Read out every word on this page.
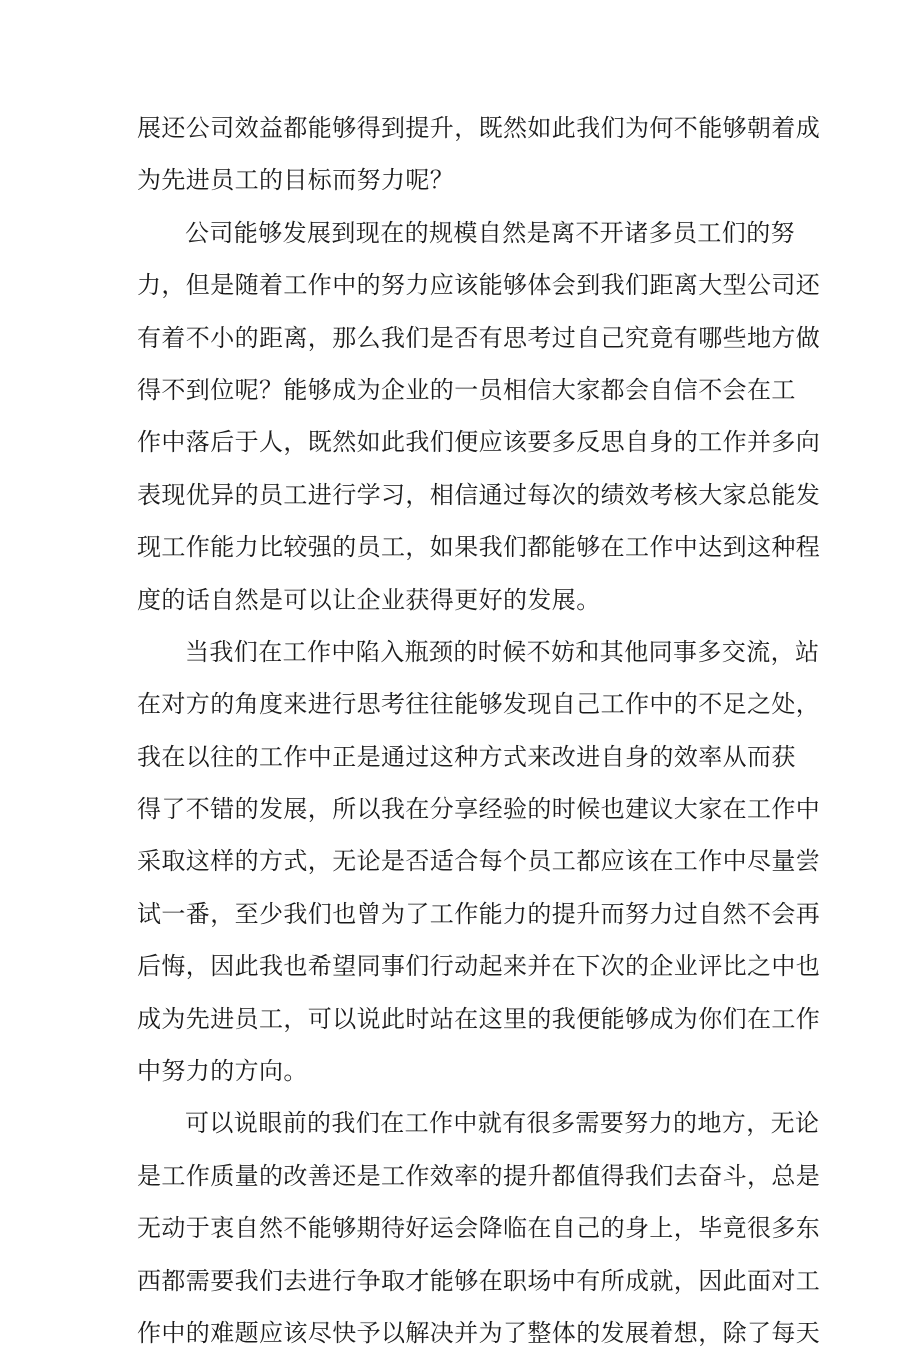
展还公司效益都能够得到提升，既然如此我们为何不能够朝着成
为先进员工的目标而努力呢？
公司能够发展到现在的规模自然是离不开诸多员工们的努
力，但是随着工作中的努力应该能够体会到我们距离大型公司还
有着不小的距离，那么我们是否有思考过自己究竟有哪些地方做
得不到位呢？能够成为企业的一员相信大家都会自信不会在工
作中落后于人，既然如此我们便应该要多反思自身的工作并多向
表现优异的员工进行学习，相信通过每次的绩效考核大家总能发
现工作能力比较强的员工，如果我们都能够在工作中达到这种程
度的话自然是可以让企业获得更好的发展。
当我们在工作中陷入瓶颈的时候不妨和其他同事多交流，站
在对方的角度来进行思考往往能够发现自己工作中的不足之处，
我在以往的工作中正是通过这种方式来改进自身的效率从而获
得了不错的发展，所以我在分享经验的时候也建议大家在工作中
采取这样的方式，无论是否适合每个员工都应该在工作中尽量尝
试一番，至少我们也曾为了工作能力的提升而努力过自然不会再
后悔，因此我也希望同事们行动起来并在下次的企业评比之中也
成为先进员工，可以说此时站在这里的我便能够成为你们在工作
中努力的方向。
可以说眼前的我们在工作中就有很多需要努力的地方，无论
是工作质量的改善还是工作效率的提升都值得我们去奋斗，总是
无动于衷自然不能够期待好运会降临在自己的身上，毕竟很多东
西都需要我们去进行争取才能够在职场中有所成就，因此面对工
作中的难题应该尽快予以解决并为了整体的发展着想，除了每天
